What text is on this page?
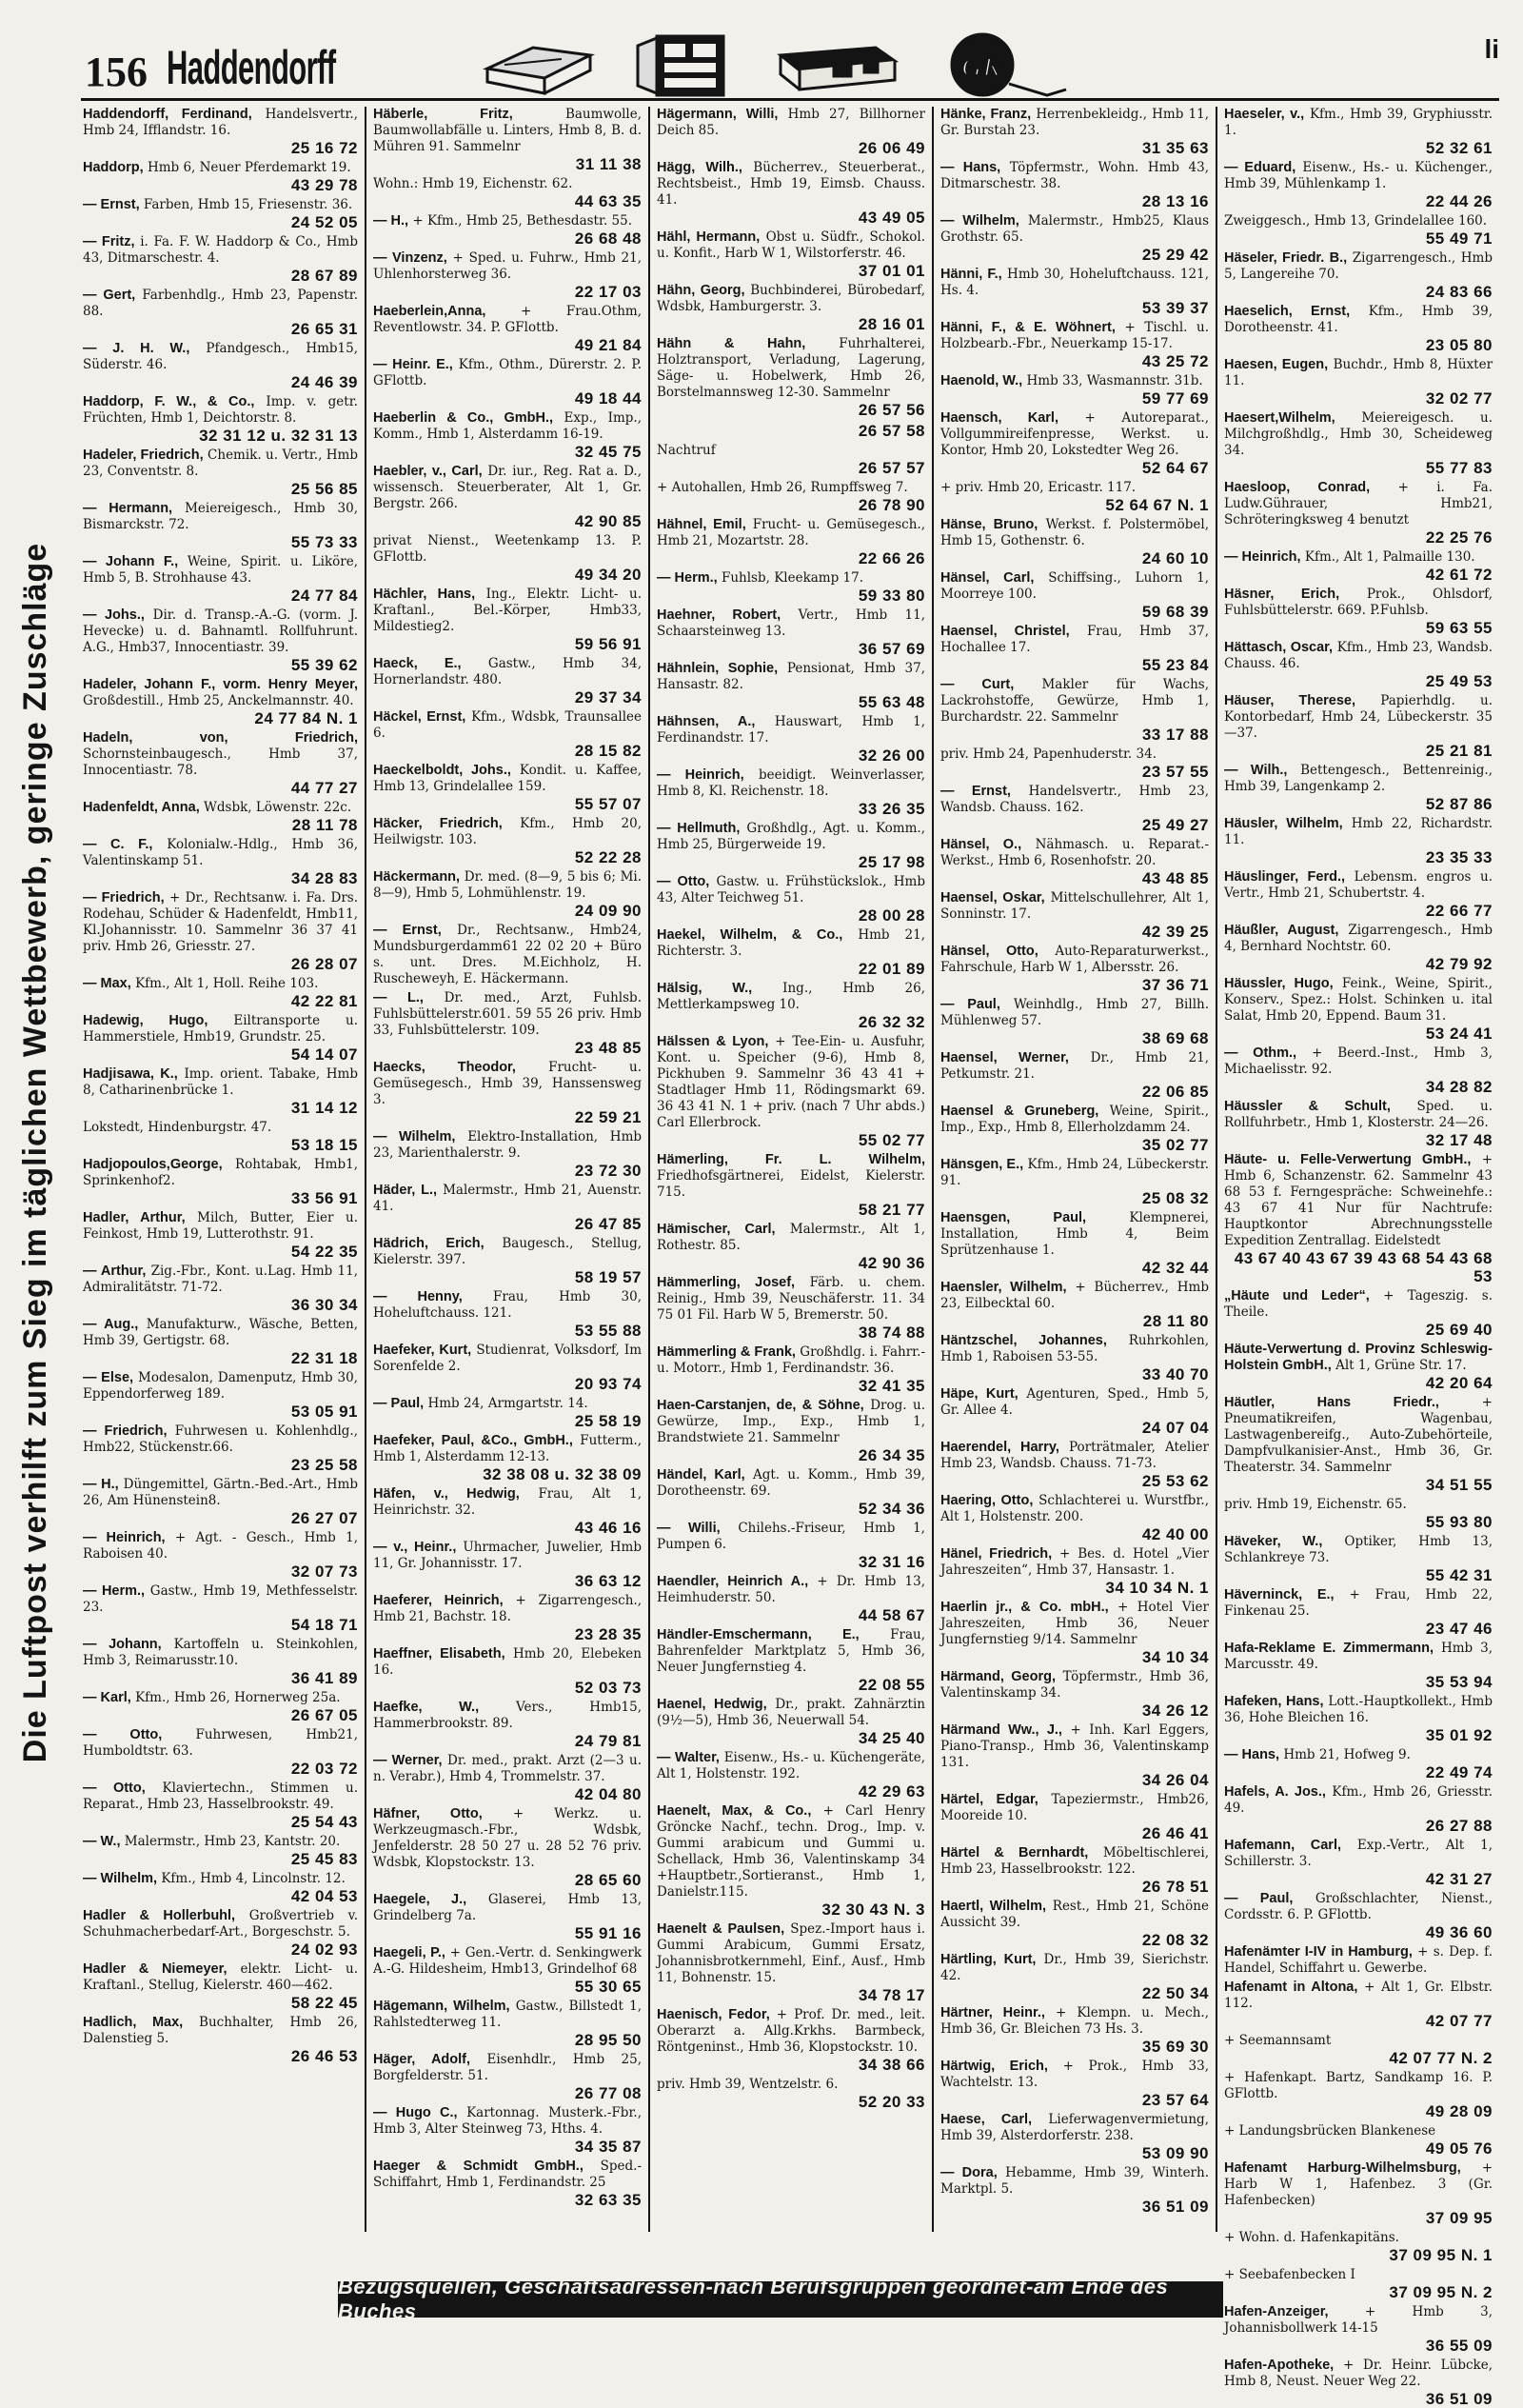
156 Haddendorff	GK
li
Die Luftpost verhilft zum Sieg im täglichen Wettbewerb, geringe Zuschläge
Haddendorff, Ferdinand, Handelsvertr., Hmb 24, Ifflandstr. 16.
25 16 72
Haddorp, Hmb 6, Neuer Pferdemarkt 19.
43 29 78
— Ernst, Farben, Hmb 15, Friesenstr. 36.
24 52 05
— Fritz, i. Fa. F. W. Haddorp & Co., Hmb 43, Ditmarschestr. 4.
28 67 89
— Gert, Farbenhdlg., Hmb 23, Papenstr. 88.
26 65 31
— J. H. W., Pfandgesch., Hmb15, Süderstr. 46.
24 46 39
Haddorp, F. W., & Co., Imp. v. getr. Früchten, Hmb 1, Deichtorstr. 8.
32 31 12 u. 32 31 13
Hadeler, Friedrich, Chemik. u. Vertr., Hmb 23, Conventstr. 8.
25 56 85
— Hermann, Meiereigesch., Hmb 30, Bismarckstr. 72.
55 73 33
— Johann F., Weine, Spirit. u. Liköre, Hmb 5, B. Strohhause 43.
24 77 84
— Johs., Dir. d. Transp.-A.-G. (vorm. J. Hevecke) u. d. Bahnamtl. Rollfuhrunt. A.G., Hmb37, Innocentiastr. 39.
55 39 62
Hadeler, Johann F., vorm. Henry Meyer, Großdestill., Hmb 25, Anckelmannstr. 40.
24 77 84 N. 1
Hadeln, von, Friedrich, Schornsteinbaugesch., Hmb 37, Innocentiastr. 78.
44 77 27
Hadenfeldt, Anna, Wdsbk, Löwenstr. 22c.
28 11 78
— C. F., Kolonialw.-Hdlg., Hmb 36, Valentinskamp 51.
34 28 83
— Friedrich, + Dr., Rechtsanw. i. Fa. Drs. Rodehau, Schüder & Hadenfeldt, Hmb11, Kl.Johannisstr. 10. Sammelnr 36 37 41 priv. Hmb 26, Griesstr. 27.
26 28 07
— Max, Kfm., Alt 1, Holl. Reihe 103.
42 22 81
Hadewig, Hugo, Eiltransporte u. Hammerstiele, Hmb19, Grundstr. 25.
54 14 07
Hadjisawa, K., Imp. orient. Tabake, Hmb 8, Catharinenbrücke 1.
31 14 12
Lokstedt, Hindenburgstr. 47.
53 18 15
Hadjopoulos,George, Rohtabak, Hmb1, Sprinkenhof2.
33 56 91
Hadler, Arthur, Milch, Butter, Eier u. Feinkost, Hmb 19, Lutterothstr. 91.
54 22 35
— Arthur, Zig.-Fbr., Kont. u.Lag. Hmb 11, Admiralitätstr. 71-72.
36 30 34
— Aug., Manufakturw., Wäsche, Betten, Hmb 39, Gertigstr. 68.
22 31 18
— Else, Modesalon, Damenputz, Hmb 30, Eppendorferweg 189.
53 05 91
— Friedrich, Fuhrwesen u. Kohlenhdlg., Hmb22, Stückenstr.66.
23 25 58
— H., Düngemittel, Gärtn.-Bed.-Art., Hmb 26, Am Hünenstein8.
26 27 07
— Heinrich, + Agt. - Gesch., Hmb 1, Raboisen 40.
32 07 73
— Herm., Gastw., Hmb 19, Methfesselstr. 23.
54 18 71
— Johann, Kartoffeln u. Steinkohlen, Hmb 3, Reimarusstr.10.
36 41 89
— Karl, Kfm., Hmb 26, Hornerweg 25a.
26 67 05
— Otto,	Fuhrwesen, Hmb21, Humboldtstr. 63.
22 03 72
— Otto, Klaviertechn., Stimmen u. Reparat., Hmb 23, Hasselbrookstr. 49.
25 54 43
— W., Malermstr., Hmb 23, Kantstr. 20.
25 45 83
— Wilhelm, Kfm., Hmb 4, Lincolnstr. 12.
42 04 53
Hadler & Hollerbuhl, Großvertrieb v. Schuhmacherbedarf-Art., Borgeschstr. 5.
24 02 93
Hadler & Niemeyer, elektr. Licht- u. Kraftanl., Stellug, Kielerstr. 460—462.
58 22 45
Hadlich, Max, Buchhalter, Hmb 26, Dalenstieg 5.
26 46 53
Häberle, Fritz,	Baumwolle, Baumwollabfälle u. Linters, Hmb 8, B. d. Mühren 91. Sammelnr
31 11 38
Wohn.: Hmb 19, Eichenstr. 62.
44 63 35
— H., + Kfm., Hmb 25, Bethesdastr. 55.
26 68 48
— Vinzenz, + Sped. u. Fuhrw., Hmb 21, Uhlenhorsterweg 36.
22 17 03
Haeberlein,Anna,	+ Frau.Othm, Reventlowstr. 34. P. GFlottb.
49 21 84
— Heinr. E., Kfm., Othm., Dürerstr. 2. P. GFlottb.
49 18 44
Haeberlin & Co., GmbH., Exp., Imp., Komm., Hmb 1, Alsterdamm 16-19.
32 45 75
Haebler, v., Carl, Dr. iur., Reg. Rat a. D., wissensch. Steuerberater, Alt 1, Gr. Bergstr. 266.
42 90 85
privat Nienst., Weetenkamp 13. P. GFlottb.
49 34 20
Hächler, Hans, Ing., Elektr. Licht- u. Kraftanl., Bel.-Körper, Hmb33, Mildestieg2.
59 56 91
Haeck, E., Gastw., Hmb 34, Hornerlandstr. 480.
29 37 34
Häckel, Ernst, Kfm., Wdsbk, Traunsallee 6.
28 15 82
Haeckelboldt, Johs., Kondit. u. Kaffee, Hmb 13, Grindelallee 159.
55 57 07
Häcker, Friedrich, Kfm., Hmb 20, Heilwigstr. 103.
52 22 28
Häckermann, Dr. med. (8—9, 5 bis 6; Mi. 8—9), Hmb 5, Lohmühlenstr. 19.
24 09 90
— Ernst, Dr., Rechtsanw., Hmb24, Mundsburgerdamm61 22 02 20 + Büro s. unt. Dres. M.Eichholz, H. Ruscheweyh, E. Häckermann.
— L., Dr. med., Arzt, Fuhlsb. Fuhlsbüttelerstr.601. 59 55 26 priv. Hmb 33, Fuhlsbüttelerstr. 109.
23 48 85
Haecks, Theodor,	Frucht- u. Gemüsegesch., Hmb 39, Hanssensweg 3.
22 59 21
— Wilhelm, Elektro-Installation, Hmb 23, Marienthalerstr. 9.
23 72 30
Häder, L., Malermstr., Hmb 21, Auenstr. 41.
26 47 85
Hädrich, Erich, Baugesch., Stellug, Kielerstr. 397.
58 19 57
— Henny, Frau, Hmb 30, Hoheluftchauss. 121.
53 55 88
Haefeker, Kurt, Studienrat, Volksdorf, Im Sorenfelde 2.
20 93 74
— Paul, Hmb 24, Armgartstr. 14.
25 58 19
Haefeker, Paul, &Co., GmbH., Futterm., Hmb 1, Alsterdamm 12-13.
32 38 08 u. 32 38 09
Häfen, v., Hedwig, Frau, Alt 1, Heinrichstr. 32.
43 46 16
— v., Heinr., Uhrmacher, Juwelier, Hmb 11, Gr. Johannisstr. 17.
36 63 12
Haeferer, Heinrich, + Zigarrengesch., Hmb 21, Bachstr. 18.
23 28 35
Haeffner, Elisabeth, Hmb 20, Elebeken 16.
52 03 73
Haefke, W.,	Vers., Hmb15, Hammerbrookstr. 89.
24 79 81
— Werner, Dr. med., prakt. Arzt (2—3 u. n. Verabr.), Hmb 4, Trommelstr. 37.
42 04 80
Häfner, Otto, + Werkz. u. Werkzeugmasch.-Fbr., Wdsbk, Jenfelderstr. 28 50 27 u. 28 52 76 priv. Wdsbk, Klopstockstr. 13.
28 65 60
Haegele, J., Glaserei, Hmb 13, Grindelberg 7a.
55 91 16
Haegeli, P., + Gen.-Vertr. d. Senkingwerk A.-G. Hildesheim, Hmb13, Grindelhof 68
55 30 65
Hägemann, Wilhelm, Gastw., Billstedt 1, Rahlstedterweg 11.
28 95 50
Häger, Adolf, Eisenhdlr., Hmb 25, Borgfelderstr. 51.
26 77 08
— Hugo C., Kartonnag. Musterk.-Fbr., Hmb 3, Alter Steinweg 73, Hths. 4.
34 35 87
Haeger & Schmidt GmbH., Sped.-Schiffahrt, Hmb 1, Ferdinandstr. 25
32 63 35
Hägermann, Willi, Hmb 27, Billhorner Deich 85.
26 06 49
Hägg, Wilh., Bücherrev., Steuerberat., Rechtsbeist., Hmb 19, Eimsb. Chauss. 41.
43 49 05
Hähl, Hermann, Obst u. Südfr., Schokol. u. Konfit., Harb W 1, Wilstorferstr. 46.
37 01 01
Hähn, Georg, Buchbinderei, Bürobedarf, Wdsbk, Hamburgerstr. 3.
28 16 01
Hähn & Hahn,	Fuhrhalterei, Holztransport, Verladung, Lagerung, Säge- u. Hobelwerk, Hmb 26, Borstelmannsweg 12-30. Sammelnr
26 57 56
26 57 58
Nachtruf
26 57 57
+ Autohallen, Hmb 26, Rumpffsweg 7.
26 78 90
Hähnel, Emil, Frucht- u. Gemüsegesch., Hmb 21, Mozartstr. 28.
22 66 26
— Herm., Fuhlsb, Kleekamp 17.
59 33 80
Haehner, Robert, Vertr., Hmb 11, Schaarsteinweg 13.
36 57 69
Hähnlein, Sophie, Pensionat, Hmb 37, Hansastr. 82.
55 63 48
Hähnsen, A., Hauswart, Hmb 1, Ferdinandstr. 17.
32 26 00
— Heinrich, beeidigt. Weinverlasser, Hmb 8, Kl. Reichenstr. 18.
33 26 35
— Hellmuth, Großhdlg., Agt. u. Komm., Hmb 25, Bürgerweide 19.
25 17 98
— Otto, Gastw. u. Frühstückslok., Hmb 43, Alter Teichweg 51.
28 00 28
Haekel, Wilhelm, & Co., Hmb 21, Richterstr. 3.
22 01 89
Hälsig, W., Ing., Hmb 26, Mettlerkampsweg 10.
26 32 32
Hälssen & Lyon, + Tee-Ein- u. Ausfuhr, Kont. u. Speicher (9-6), Hmb 8, Pickhuben 9. Sammelnr 36 43 41 + Stadtlager Hmb 11, Rödingsmarkt 69. 36 43 41 N. 1 + priv. (nach 7 Uhr abds.) Carl Ellerbrock.
55 02 77
Hämerling, Fr. L. Wilhelm, Friedhofsgärtnerei, Eidelst, Kielerstr. 715.
58 21 77
Hämischer, Carl, Malermstr., Alt 1, Rothestr. 85.
42 90 36
Hämmerling, Josef, Färb. u. chem. Reinig., Hmb 39, Neuschäferstr. 11. 34 75 01 Fil. Harb W 5, Bremerstr. 50.
38 74 88
Hämmerling & Frank, Großhdlg. i. Fahrr.- u. Motorr., Hmb 1, Ferdinandstr. 36.
32 41 35
Haen-Carstanjen, de, & Söhne, Drog. u. Gewürze, Imp., Exp., Hmb 1, Brandstwiete 21. Sammelnr
26 34 35
Händel, Karl, Agt. u. Komm., Hmb 39, Dorotheenstr. 69.
52 34 36
— Willi, Chilehs.-Friseur, Hmb 1, Pumpen 6.
32 31 16
Haendler, Heinrich A., + Dr. Hmb 13, Heimhuderstr. 50.
44 58 67
Händler-Emschermann, E., Frau, Bahrenfelder Marktplatz 5, Hmb 36, Neuer Jungfernstieg 4.
22 08 55
Haenel, Hedwig, Dr., prakt. Zahnärztin (9½—5), Hmb 36, Neuerwall 54.
34 25 40
— Walter, Eisenw., Hs.- u. Küchengeräte, Alt 1, Holstenstr. 192.
42 29 63
Haenelt, Max, & Co., + Carl Henry Gröncke Nachf., techn. Drog., Imp. v. Gummi arabicum und Gummi u. Schellack, Hmb 36, Valentinskamp 34 +Hauptbetr.,Sortieranst., Hmb 1, Danielstr.115.
32 30 43 N. 3
Haenelt & Paulsen, Spez.-Import haus i. Gummi Arabicum, Gummi Ersatz, Johannisbrotkernmehl, Einf., Ausf., Hmb 11, Bohnenstr. 15.
34 78 17
Haenisch, Fedor, + Prof. Dr. med., leit. Oberarzt a. Allg.Krkhs. Barmbeck, Röntgeninst., Hmb 36, Klopstockstr. 10.
34 38 66
priv. Hmb 39, Wentzelstr. 6.
52 20 33
Hänke, Franz, Herrenbekleidg., Hmb 11, Gr. Burstah 23.
31 35 63
— Hans, Töpfermstr., Wohn. Hmb 43, Ditmarschestr. 38.
28 13 16
— Wilhelm, Malermstr., Hmb25, Klaus Grothstr. 65.
25 29 42
Hänni, F., Hmb 30, Hoheluftchauss. 121, Hs. 4.
53 39 37
Hänni, F., & E. Wöhnert, + Tischl. u. Holzbearb.-Fbr., Neuerkamp 15-17.
43 25 72
Haenold, W., Hmb 33, Wasmannstr. 31b.
59 77 69
Haensch, Karl, + Autoreparat., Vollgummireifenpresse, Werkst. u. Kontor, Hmb 20, Lokstedter Weg 26.
52 64 67
+ priv. Hmb 20, Ericastr. 117.
52 64 67 N. 1
Hänse, Bruno, Werkst. f. Polstermöbel, Hmb 15, Gothenstr. 6.
24 60 10
Hänsel, Carl, Schiffsing., Luhorn 1, Moorreye 100.
59 68 39
Haensel, Christel, Frau, Hmb 37, Hochallee 17.
55 23 84
— Curt, Makler für Wachs, Lackrohstoffe, Gewürze, Hmb 1, Burchardstr. 22. Sammelnr
33 17 88
priv. Hmb 24, Papenhuderstr. 34.
23 57 55
— Ernst, Handelsvertr., Hmb 23, Wandsb. Chauss. 162.
25 49 27
Hänsel, O., Nähmasch. u. Reparat.-Werkst., Hmb 6, Rosenhofstr. 20.
43 48 85
Haensel, Oskar, Mittelschullehrer, Alt 1, Sonninstr. 17.
42 39 25
Hänsel, Otto, Auto-Reparaturwerkst., Fahrschule, Harb W 1, Albersstr. 26.
37 36 71
— Paul, Weinhdlg., Hmb 27, Billh. Mühlenweg 57.
38 69 68
Haensel, Werner, Dr., Hmb 21, Petkumstr. 21.
22 06 85
Haensel & Gruneberg, Weine, Spirit., Imp., Exp., Hmb 8, Ellerholzdamm 24.
35 02 77
Hänsgen, E., Kfm., Hmb 24, Lübeckerstr. 91.
25 08 32
Haensgen, Paul,	Klempnerei, Installation, Hmb 4, Beim Sprützenhause 1.
42 32 44
Haensler, Wilhelm, + Bücherrev., Hmb 23, Eilbecktal 60.
28 11 80
Häntzschel, Johannes, Ruhrkohlen, Hmb 1, Raboisen 53-55.
33 40 70
Häpe, Kurt, Agenturen, Sped., Hmb 5, Gr. Allee 4.
24 07 04
Haerendel, Harry, Porträtmaler, Atelier Hmb 23, Wandsb. Chauss. 71-73.
25 53 62
Haering, Otto, Schlachterei u. Wurstfbr., Alt 1, Holstenstr. 200.
42 40 00
Hänel, Friedrich, + Bes. d. Hotel „Vier Jahreszeiten“, Hmb 37, Hansastr. 1.
34 10 34 N. 1
Haerlin jr., & Co. mbH., + Hotel Vier Jahreszeiten, Hmb 36, Neuer Jungfernstieg 9/14. Sammelnr
34 10 34
Härmand, Georg, Töpfermstr., Hmb 36, Valentinskamp 34.
34 26 12
Härmand Ww., J., + Inh. Karl Eggers, Piano-Transp., Hmb 36, Valentinskamp 131.
34 26 04
Härtel, Edgar, Tapeziermstr., Hmb26, Mooreide 10.
26 46 41
Härtel & Bernhardt, Möbeltischlerei, Hmb 23, Hasselbrookstr. 122.
26 78 51
Haertl, Wilhelm, Rest., Hmb 21, Schöne Aussicht 39.
22 08 32
Härtling, Kurt, Dr., Hmb 39, Sierichstr. 42.
22 50 34
Härtner, Heinr., + Klempn. u. Mech., Hmb 36, Gr. Bleichen 73 Hs. 3.
35 69 30
Härtwig, Erich, + Prok., Hmb 33, Wachtelstr. 13.
23 57 64
Haese, Carl, Lieferwagenvermietung, Hmb 39, Alsterdorferstr. 238.
53 09 90
— Dora, Hebamme, Hmb 39, Winterh. Marktpl. 5.
36 51 09
Haeseler, v., Kfm., Hmb 39, Gryphiusstr. 1.
52 32 61
— Eduard, Eisenw., Hs.- u. Küchenger., Hmb 39, Mühlenkamp 1.
22 44 26
Zweiggesch., Hmb 13, Grindelallee 160.
55 49 71
Häseler, Friedr. B., Zigarrengesch., Hmb 5, Langereihe 70.
24 83 66
Haeselich, Ernst, Kfm., Hmb 39, Dorotheenstr. 41.
23 05 80
Haesen, Eugen, Buchdr., Hmb 8, Hüxter 11.
32 02 77
Haesert,Wilhelm, Meiereigesch. u. Milchgroßhdlg., Hmb 30, Scheideweg 34.
55 77 83
Haesloop, Conrad, + i. Fa. Ludw.Gührauer, Hmb21, Schröteringksweg 4 benutzt
22 25 76
— Heinrich, Kfm., Alt 1, Palmaille 130.
42 61 72
Häsner, Erich, Prok., Ohlsdorf, Fuhlsbüttelerstr. 669. P.Fuhlsb.
59 63 55
Hättasch, Oscar, Kfm., Hmb 23, Wandsb. Chauss. 46.
25 49 53
Häuser, Therese, Papierhdlg. u. Kontorbedarf, Hmb 24, Lübeckerstr. 35—37.
25 21 81
— Wilh., Bettengesch., Bettenreinig., Hmb 39, Langenkamp 2.
52 87 86
Häusler, Wilhelm, Hmb 22, Richardstr. 11.
23 35 33
Häuslinger, Ferd., Lebensm. engros u. Vertr., Hmb 21, Schubertstr. 4.
22 66 77
Häußler, August, Zigarrengesch., Hmb 4, Bernhard Nochtstr. 60.
42 79 92
Häussler, Hugo, Feink., Weine, Spirit., Konserv., Spez.: Holst. Schinken u. ital Salat, Hmb 20, Eppend. Baum 31.
53 24 41
— Othm., + Beerd.-Inst., Hmb 3, Michaelisstr. 92.
34 28 82
Häussler & Schult, Sped. u. Rollfuhrbetr., Hmb 1, Klosterstr. 24—26.
32 17 48
Häute- u. Felle-Verwertung GmbH., + Hmb 6, Schanzenstr. 62. Sammelnr 43 68 53 f. Ferngespräche: Schweinehfe.: 43 67 41 Nur für Nachtrufe: Hauptkontor Abrechnungsstelle Expedition Zentrallag. Eidelstedt
43 67 40 43 67 39 43 68 54 43 68 53
„Häute und Leder“, + Tageszig. s. Theile.
25 69 40
Häute-Verwertung d. Provinz Schleswig-Holstein GmbH., Alt 1, Grüne Str. 17.
42 20 64
Häutler, Hans Friedr.,	+ Pneumatikreifen, Wagenbau, Lastwagenbereifg., Auto-Zubehörteile, Dampfvulkanisier-Anst., Hmb 36, Gr. Theaterstr. 34. Sammelnr
34 51 55
priv. Hmb 19, Eichenstr. 65.
55 93 80
Häveker, W., Optiker, Hmb 13, Schlankreye 73.
55 42 31
Häverninck, E., + Frau, Hmb 22, Finkenau 25.
23 47 46
Hafa-Reklame E. Zimmermann, Hmb 3, Marcusstr. 49.
35 53 94
Hafeken, Hans, Lott.-Hauptkollekt., Hmb 36, Hohe Bleichen 16.
35 01 92
— Hans, Hmb 21, Hofweg 9.
22 49 74
Hafels, A. Jos., Kfm., Hmb 26, Griesstr. 49.
26 27 88
Hafemann, Carl, Exp.-Vertr., Alt 1, Schillerstr. 3.
42 31 27
— Paul, Großschlachter, Nienst., Cordsstr. 6. P. GFlottb.
49 36 60
Hafenämter I-IV in Hamburg, + s. Dep. f. Handel, Schiffahrt u. Gewerbe.
Hafenamt in Altona, + Alt 1, Gr. Elbstr. 112.
42 07 77
+ Seemannsamt
42 07 77 N. 2
+ Hafenkapt. Bartz, Sandkamp 16. P. GFlottb.
49 28 09
+ Landungsbrücken Blankenese
49 05 76
Hafenamt Harburg-Wilhelmsburg, + Harb W 1, Hafenbez. 3 (Gr. Hafenbecken)
37 09 95
+ Wohn. d. Hafenkapitäns.
37 09 95 N. 1
+ Seebafenbecken I
37 09 95 N. 2
Hafen-Anzeiger,	+ Hmb 3, Johannisbollwerk 14-15
36 55 09
Hafen-Apotheke, + Dr. Heinr. Lübcke, Hmb 8, Neust. Neuer Weg 22.
36 51 09
Bezugsquellen, Geschäftsadressen-nach Berufsgruppen geordnet-am Ende des Buches
